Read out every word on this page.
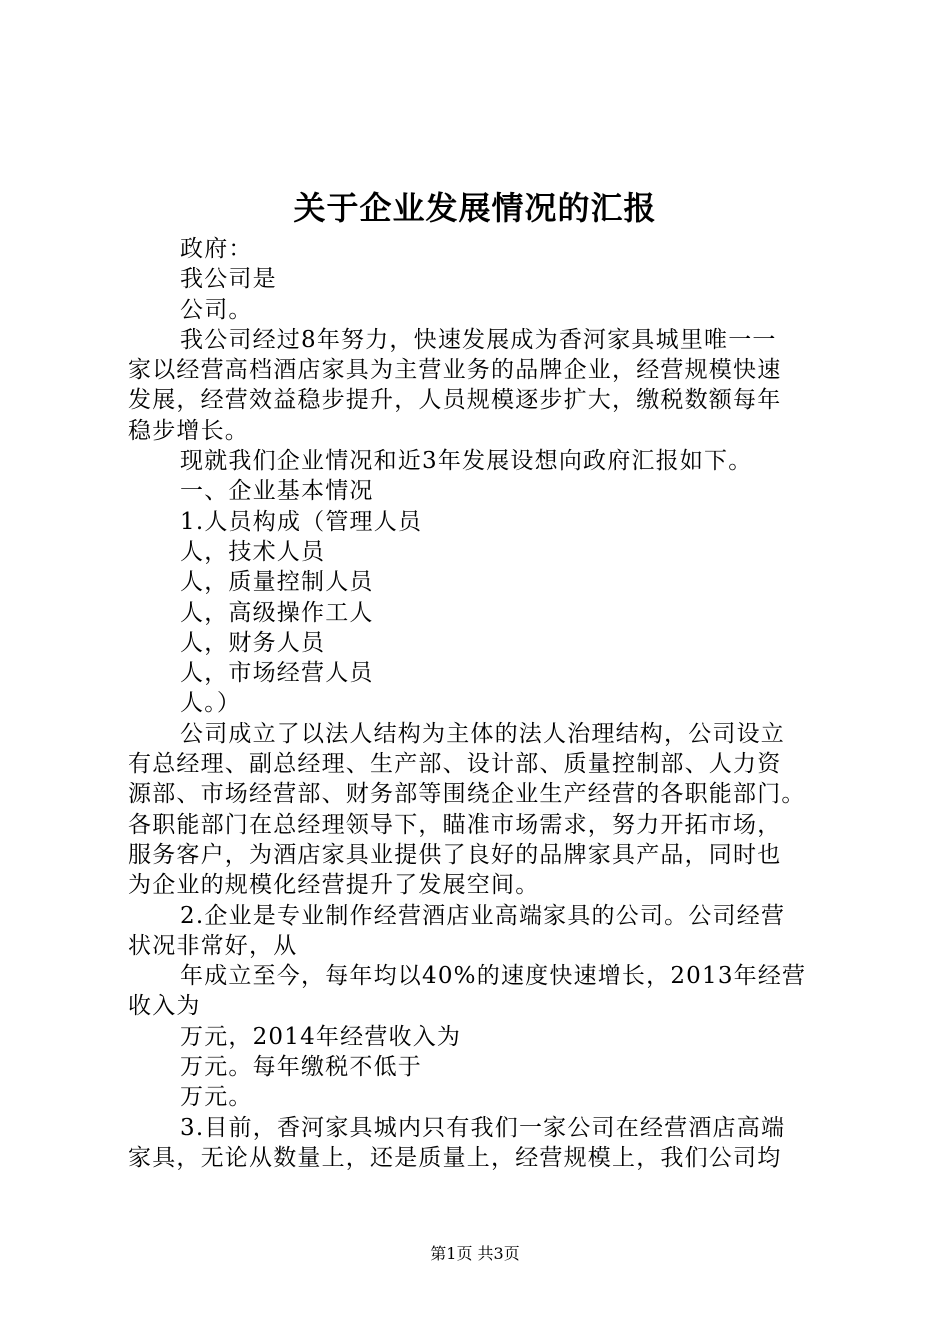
关于企业发展情况的汇报
政府：
我公司是
公司。
我公司经过8年努力，快速发展成为香河家具城里唯一一
家以经营高档酒店家具为主营业务的品牌企业，经营规模快速
发展，经营效益稳步提升，人员规模逐步扩大，缴税数额每年
稳步增长。
现就我们企业情况和近3年发展设想向政府汇报如下。
一、企业基本情况
1.人员构成（管理人员
人，技术人员
人，质量控制人员
人，高级操作工人
人，财务人员
人，市场经营人员
人。）
公司成立了以法人结构为主体的法人治理结构，公司设立
有总经理、副总经理、生产部、设计部、质量控制部、人力资
源部、市场经营部、财务部等围绕企业生产经营的各职能部门。
各职能部门在总经理领导下，瞄准市场需求，努力开拓市场，
服务客户，为酒店家具业提供了良好的品牌家具产品，同时也
为企业的规模化经营提升了发展空间。
2.企业是专业制作经营酒店业高端家具的公司。公司经营
状况非常好，从
年成立至今，每年均以40%的速度快速增长，2013年经营
收入为
万元，2014年经营收入为
万元。每年缴税不低于
万元。
3.目前，香河家具城内只有我们一家公司在经营酒店高端
家具，无论从数量上，还是质量上，经营规模上，我们公司均
第1页 共3页
